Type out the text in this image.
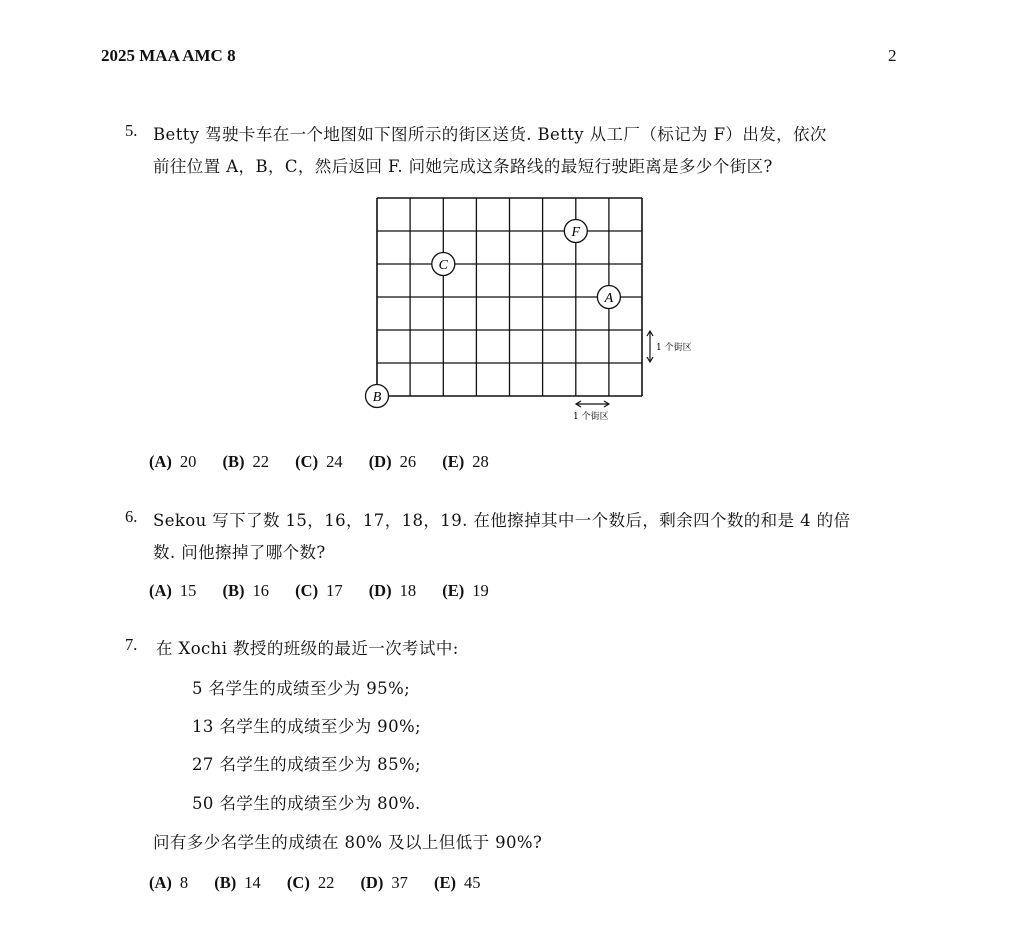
2025 MAA AMC 8	2
5. Betty 驾驶卡车在一个地图如下图所示的街区送货. Betty 从工厂（标记为 F）出发，依次
前往位置 A，B，C，然后返回 F. 问她完成这条路线的最短行驶距离是多少个街区?
F
C
A
B
1 个街区
1 个街区
(A) 20 (B) 22 (C) 24 (D) 26 (E) 28
6. Sekou 写下了数 15，16，17，18，19. 在他擦掉其中一个数后，剩余四个数的和是 4 的倍
数. 问他擦掉了哪个数?
(A) 15 (B) 16 (C) 17 (D) 18 (E) 19
7. 在 Xochi 教授的班级的最近一次考试中:
5 名学生的成绩至少为 95%;
13 名学生的成绩至少为 90%;
27 名学生的成绩至少为 85%;
50 名学生的成绩至少为 80%.
问有多少名学生的成绩在 80% 及以上但低于 90%?
(A) 8 (B) 14 (C) 22 (D) 37 (E) 45
